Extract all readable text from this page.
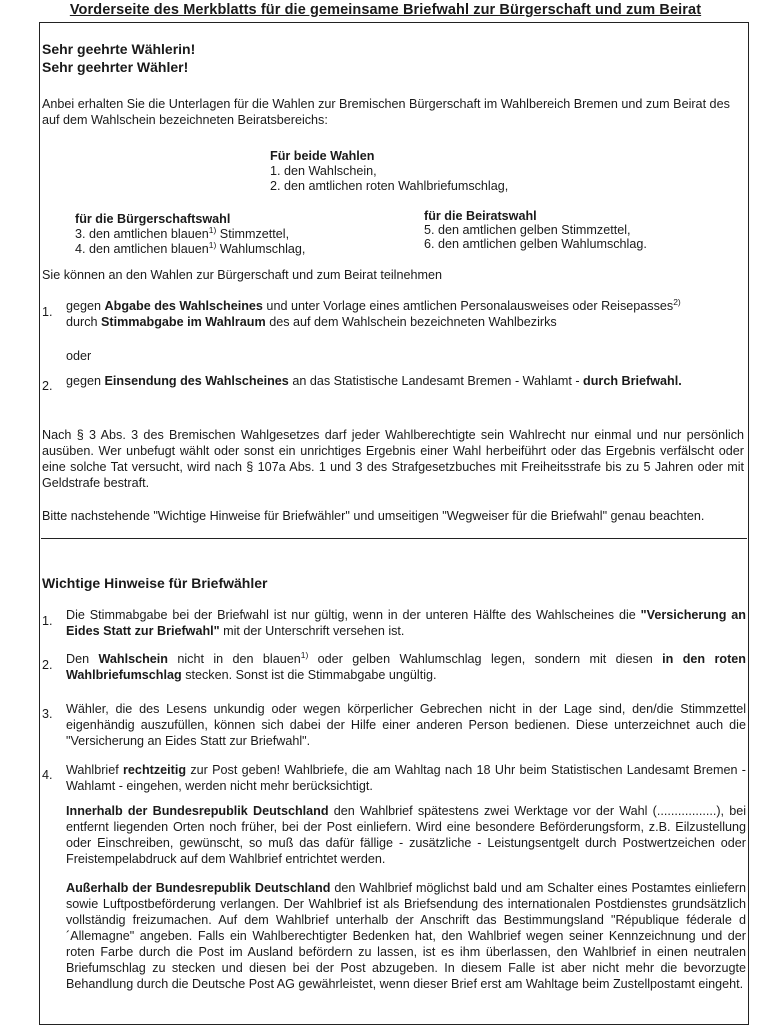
Vorderseite des Merkblatts für die gemeinsame Briefwahl zur Bürgerschaft und zum Beirat
Sehr geehrte Wählerin!
Sehr geehrter Wähler!
Anbei erhalten Sie die Unterlagen für die Wahlen zur Bremischen Bürgerschaft im Wahlbereich Bremen und zum Beirat des auf dem Wahlschein bezeichneten Beiratsbereichs:
Für beide Wahlen
1. den Wahlschein,
2. den amtlichen roten Wahlbriefumschlag,
für die Bürgerschaftswahl
3. den amtlichen blauen$^{1)}$ Stimmzettel,
4. den amtlichen blauen$^{1)}$ Wahlumschlag,
für die Beiratswahl
5. den amtlichen gelben Stimmzettel,
6. den amtlichen gelben Wahlumschlag.
Sie können an den Wahlen zur Bürgerschaft und zum Beirat teilnehmen
1. gegen Abgabe des Wahlscheines und unter Vorlage eines amtlichen Personalausweises oder Reisepasses$^{2)}$
durch Stimmabgabe im Wahlraum des auf dem Wahlschein bezeichneten Wahlbezirks
oder
2. gegen Einsendung des Wahlscheines an das Statistische Landesamt Bremen - Wahlamt - durch Briefwahl.
Nach § 3 Abs. 3 des Bremischen Wahlgesetzes darf jeder Wahlberechtigte sein Wahlrecht nur einmal und nur persönlich ausüben. Wer unbefugt wählt oder sonst ein unrichtiges Ergebnis einer Wahl herbeiführt oder das Ergebnis verfälscht oder eine solche Tat versucht, wird nach § 107a Abs. 1 und 3 des Strafgesetzbuches mit Freiheitsstrafe bis zu 5 Jahren oder mit Geldstrafe bestraft.
Bitte nachstehende "Wichtige Hinweise für Briefwähler" und umseitigen "Wegweiser für die Briefwahl" genau beachten.
Wichtige Hinweise für Briefwähler
1. Die Stimmabgabe bei der Briefwahl ist nur gültig, wenn in der unteren Hälfte des Wahlscheines die "Versicherung an Eides Statt zur Briefwahl" mit der Unterschrift versehen ist.
2. Den Wahlschein nicht in den blauen$^{1)}$ oder gelben Wahlumschlag legen, sondern mit diesen in den roten Wahlbriefumschlag stecken. Sonst ist die Stimmabgabe ungültig.
3. Wähler, die des Lesens unkundig oder wegen körperlicher Gebrechen nicht in der Lage sind, den/die Stimmzettel eigenhändig auszufüllen, können sich dabei der Hilfe einer anderen Person bedienen. Diese unterzeichnet auch die "Versicherung an Eides Statt zur Briefwahl".
4. Wahlbrief rechtzeitig zur Post geben! Wahlbriefe, die am Wahltag nach 18 Uhr beim Statistischen Landesamt Bremen - Wahlamt - eingehen, werden nicht mehr berücksichtigt.
Innerhalb der Bundesrepublik Deutschland den Wahlbrief spätestens zwei Werktage vor der Wahl (.................), bei entfernt liegenden Orten noch früher, bei der Post einliefern. Wird eine besondere Beförderungsform, z.B. Eilzustellung oder Einschreiben, gewünscht, so muß das dafür fällige - zusätzliche - Leistungsentgelt durch Postwertzeichen oder Freistempelabdruck auf dem Wahlbrief entrichtet werden.
Außerhalb der Bundesrepublik Deutschland den Wahlbrief möglichst bald und am Schalter eines Postamtes einliefern sowie Luftpostbeförderung verlangen. Der Wahlbrief ist als Briefsendung des internationalen Postdienstes grundsätzlich vollständig freizumachen. Auf dem Wahlbrief unterhalb der Anschrift das Bestimmungsland "République féderale d´Allemagne" angeben. Falls ein Wahlberechtigter Bedenken hat, den Wahlbrief wegen seiner Kennzeichnung und der roten Farbe durch die Post im Ausland befördern zu lassen, ist es ihm überlassen, den Wahlbrief in einen neutralen Briefumschlag zu stecken und diesen bei der Post abzugeben. In diesem Falle ist aber nicht mehr die bevorzugte Behandlung durch die Deutsche Post AG gewährleistet, wenn dieser Brief erst am Wahltage beim Zustellpostamt eingeht.
